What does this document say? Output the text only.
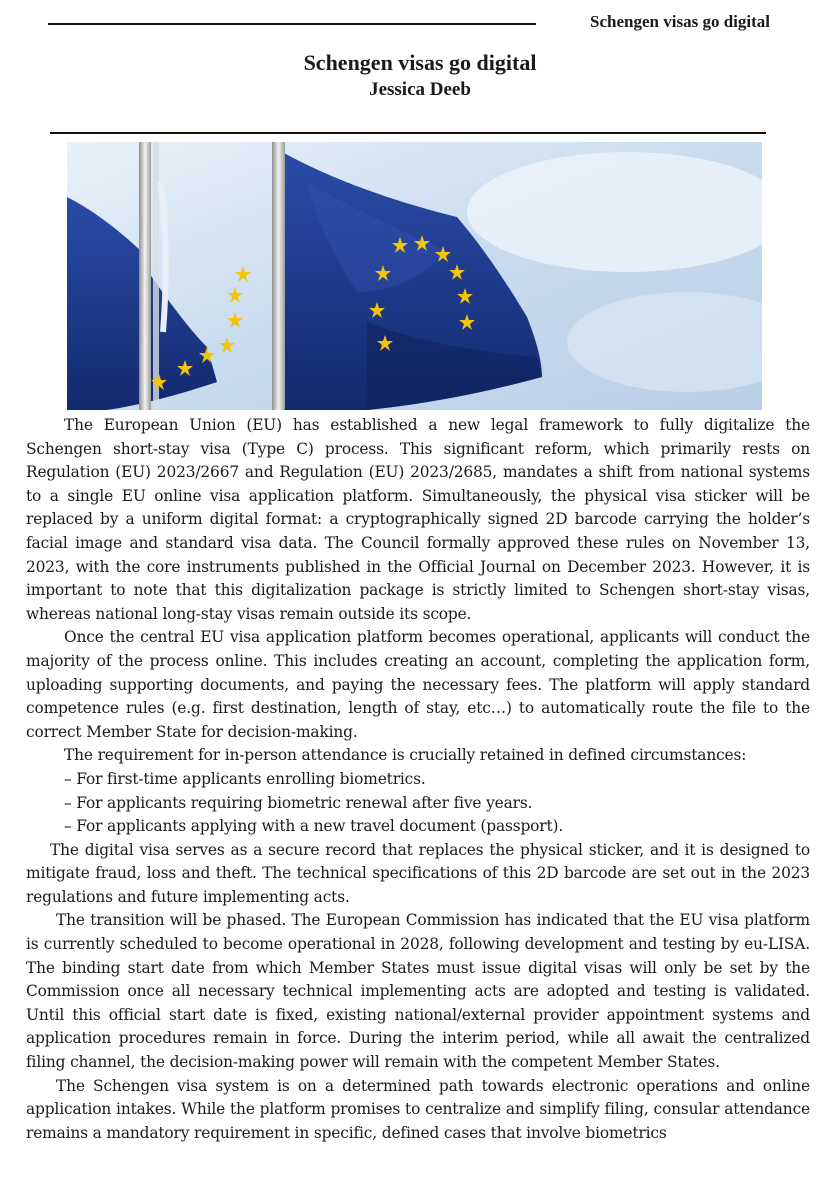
Schengen visas go digital
Schengen visas go digital
Jessica Deeb

The European Union (EU) has established a new legal framework to fully digitalize the Schengen short-stay visa (Type C) process. This significant reform, which primarily rests on Regulation (EU) 2023/2667 and Regulation (EU) 2023/2685, mandates a shift from national systems to a single EU online visa application platform. Simultaneously, the physical visa sticker will be replaced by a uniform digital format: a cryptographically signed 2D barcode carrying the holder’s facial image and standard visa data. The Council formally approved these rules on November 13, 2023, with the core instruments published in the Official Journal on December 2023. However, it is important to note that this digitalization package is strictly limited to Schengen short-stay visas, whereas national long-stay visas remain outside its scope.

Once the central EU visa application platform becomes operational, applicants will conduct the majority of the process online. This includes creating an account, completing the application form, uploading supporting documents, and paying the necessary fees. The platform will apply standard competence rules (e.g. first destination, length of stay, etc…) to automatically route the file to the correct Member State for decision-making.

The requirement for in-person attendance is crucially retained in defined circumstances:

– For first-time applicants enrolling biometrics.
– For applicants requiring biometric renewal after five years.
– For applicants applying with a new travel document (passport).

The digital visa serves as a secure record that replaces the physical sticker, and it is designed to mitigate fraud, loss and theft. The technical specifications of this 2D barcode are set out in the 2023 regulations and future implementing acts.

The transition will be phased. The European Commission has indicated that the EU visa platform is currently scheduled to become operational in 2028, following development and testing by eu-LISA. The binding start date from which Member States must issue digital visas will only be set by the Commission once all necessary technical implementing acts are adopted and testing is validated. Until this official start date is fixed, existing national/external provider appointment systems and application procedures remain in force. During the interim period, while all await the centralized filing channel, the decision-making power will remain with the competent Member States.

The Schengen visa system is on a determined path towards electronic operations and online application intakes. While the platform promises to centralize and simplify filing, consular attendance remains a mandatory requirement in specific, defined cases that involve biometrics
